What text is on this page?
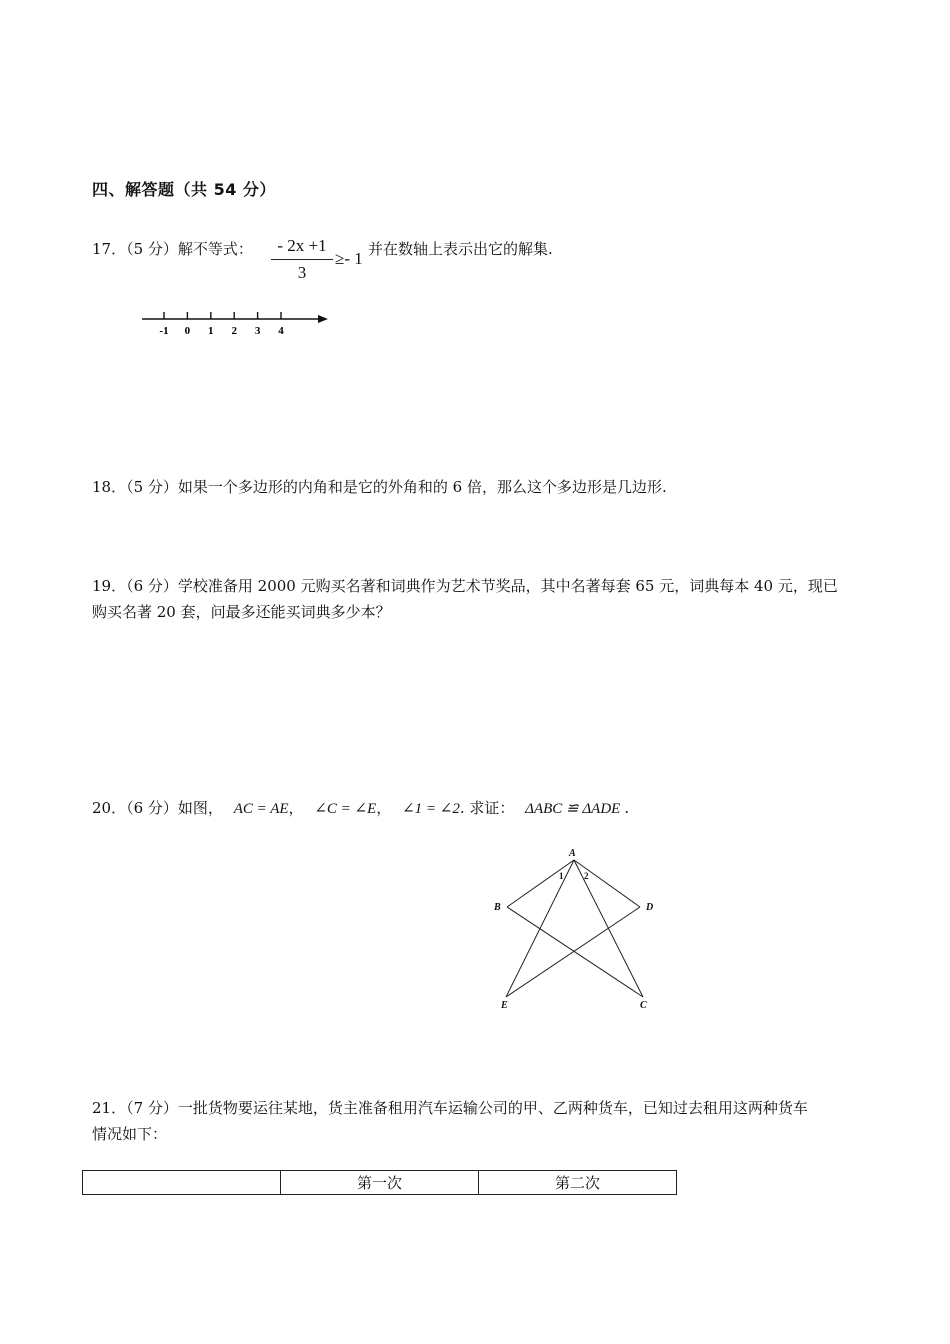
四、解答题（共 54 分）
17．（5 分）解不等式： $\frac{- 2x +1}{3} \ge- 1$ 并在数轴上表示出它的解集.
-1 0 1 2 3 4
18．（5 分）如果一个多边形的内角和是它的外角和的 6 倍，那么这个多边形是几边形.
19．（6 分）学校准备用 2000 元购买名著和词典作为艺术节奖品，其中名著每套 65 元，词典每本 40 元，现已
购买名著 20 套，问最多还能买词典多少本？
20．（6 分）如图， AC = AE， ∠C = ∠E， ∠1 = ∠2. 求证： ΔABC ≌ ΔADE .
A
B	D
E	C
1 2
21．（7 分）一批货物要运往某地，货主准备租用汽车运输公司的甲、乙两种货车，已知过去租用这两种货车
情况如下：
	第一次	第二次
